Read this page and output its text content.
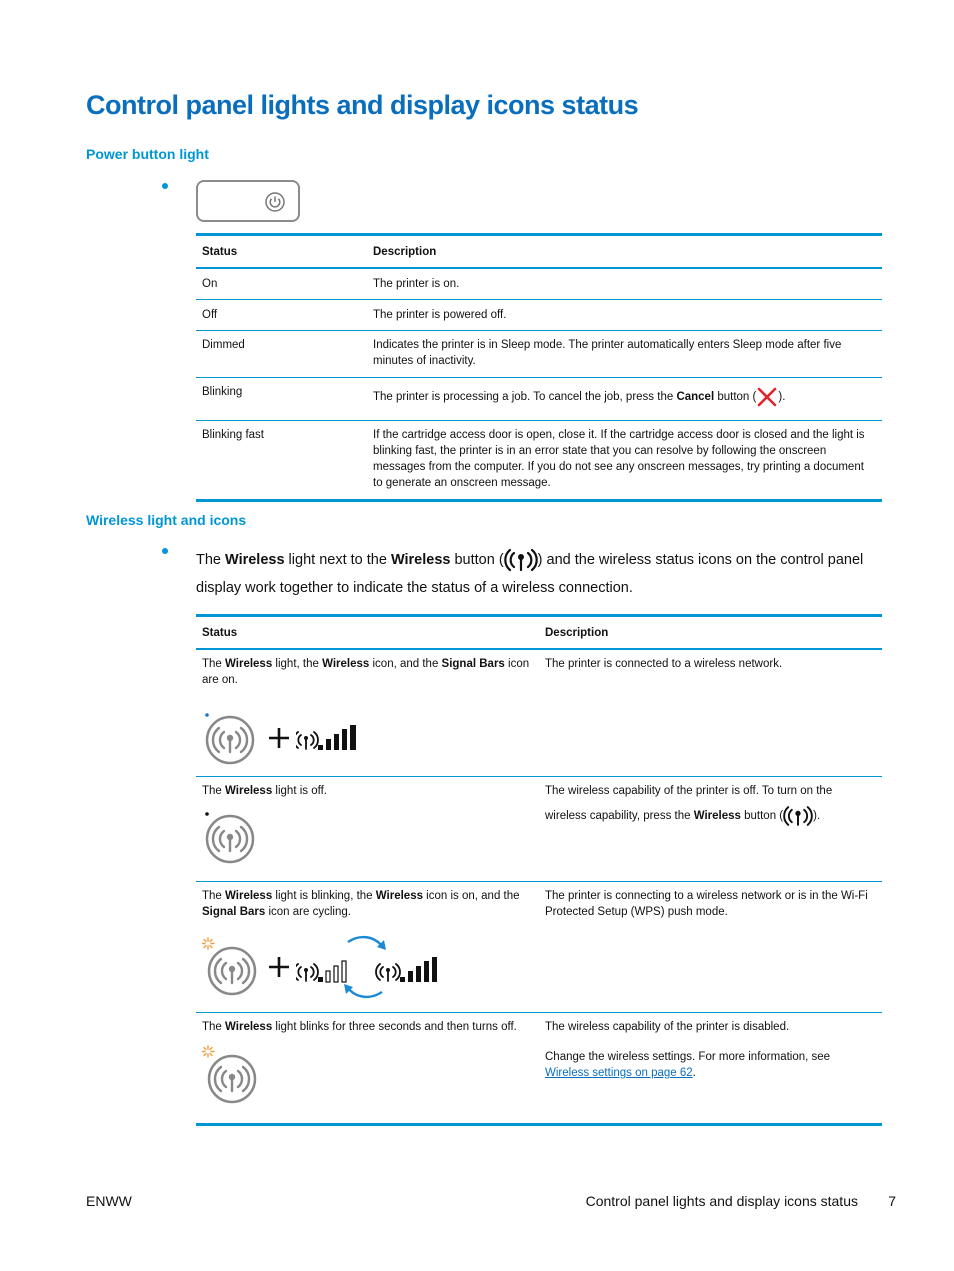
Control panel lights and display icons status
Power button light
Status	Description
On	The printer is on.
Off	The printer is powered off.
Dimmed	Indicates the printer is in Sleep mode. The printer automatically enters Sleep mode after five minutes of inactivity.
Blinking	The printer is processing a job. To cancel the job, press the Cancel button ( ).
Blinking fast	If the cartridge access door is open, close it. If the cartridge access door is closed and the light is blinking fast, the printer is in an error state that you can resolve by following the onscreen messages from the computer. If you do not see any onscreen messages, try printing a document to generate an onscreen message.
Wireless light and icons

The Wireless light next to the Wireless button ( ) and the wireless status icons on the control panel display work together to indicate the status of a wireless connection.

Status	Description

The Wireless light, the Wireless icon, and the Signal Bars icon are on.	The printer is connected to a wireless network.

The Wireless light is off.	The wireless capability of the printer is off. To turn on the wireless capability, press the Wireless button ( ).

The Wireless light is blinking, the Wireless icon is on, and the Signal Bars icon are cycling.	The printer is connecting to a wireless network or is in the Wi-Fi Protected Setup (WPS) push mode.

The Wireless light blinks for three seconds and then turns off.	The wireless capability of the printer is disabled.
Change the wireless settings. For more information, see Wireless settings on page 62.
ENWW	Control panel lights and display icons status 7
